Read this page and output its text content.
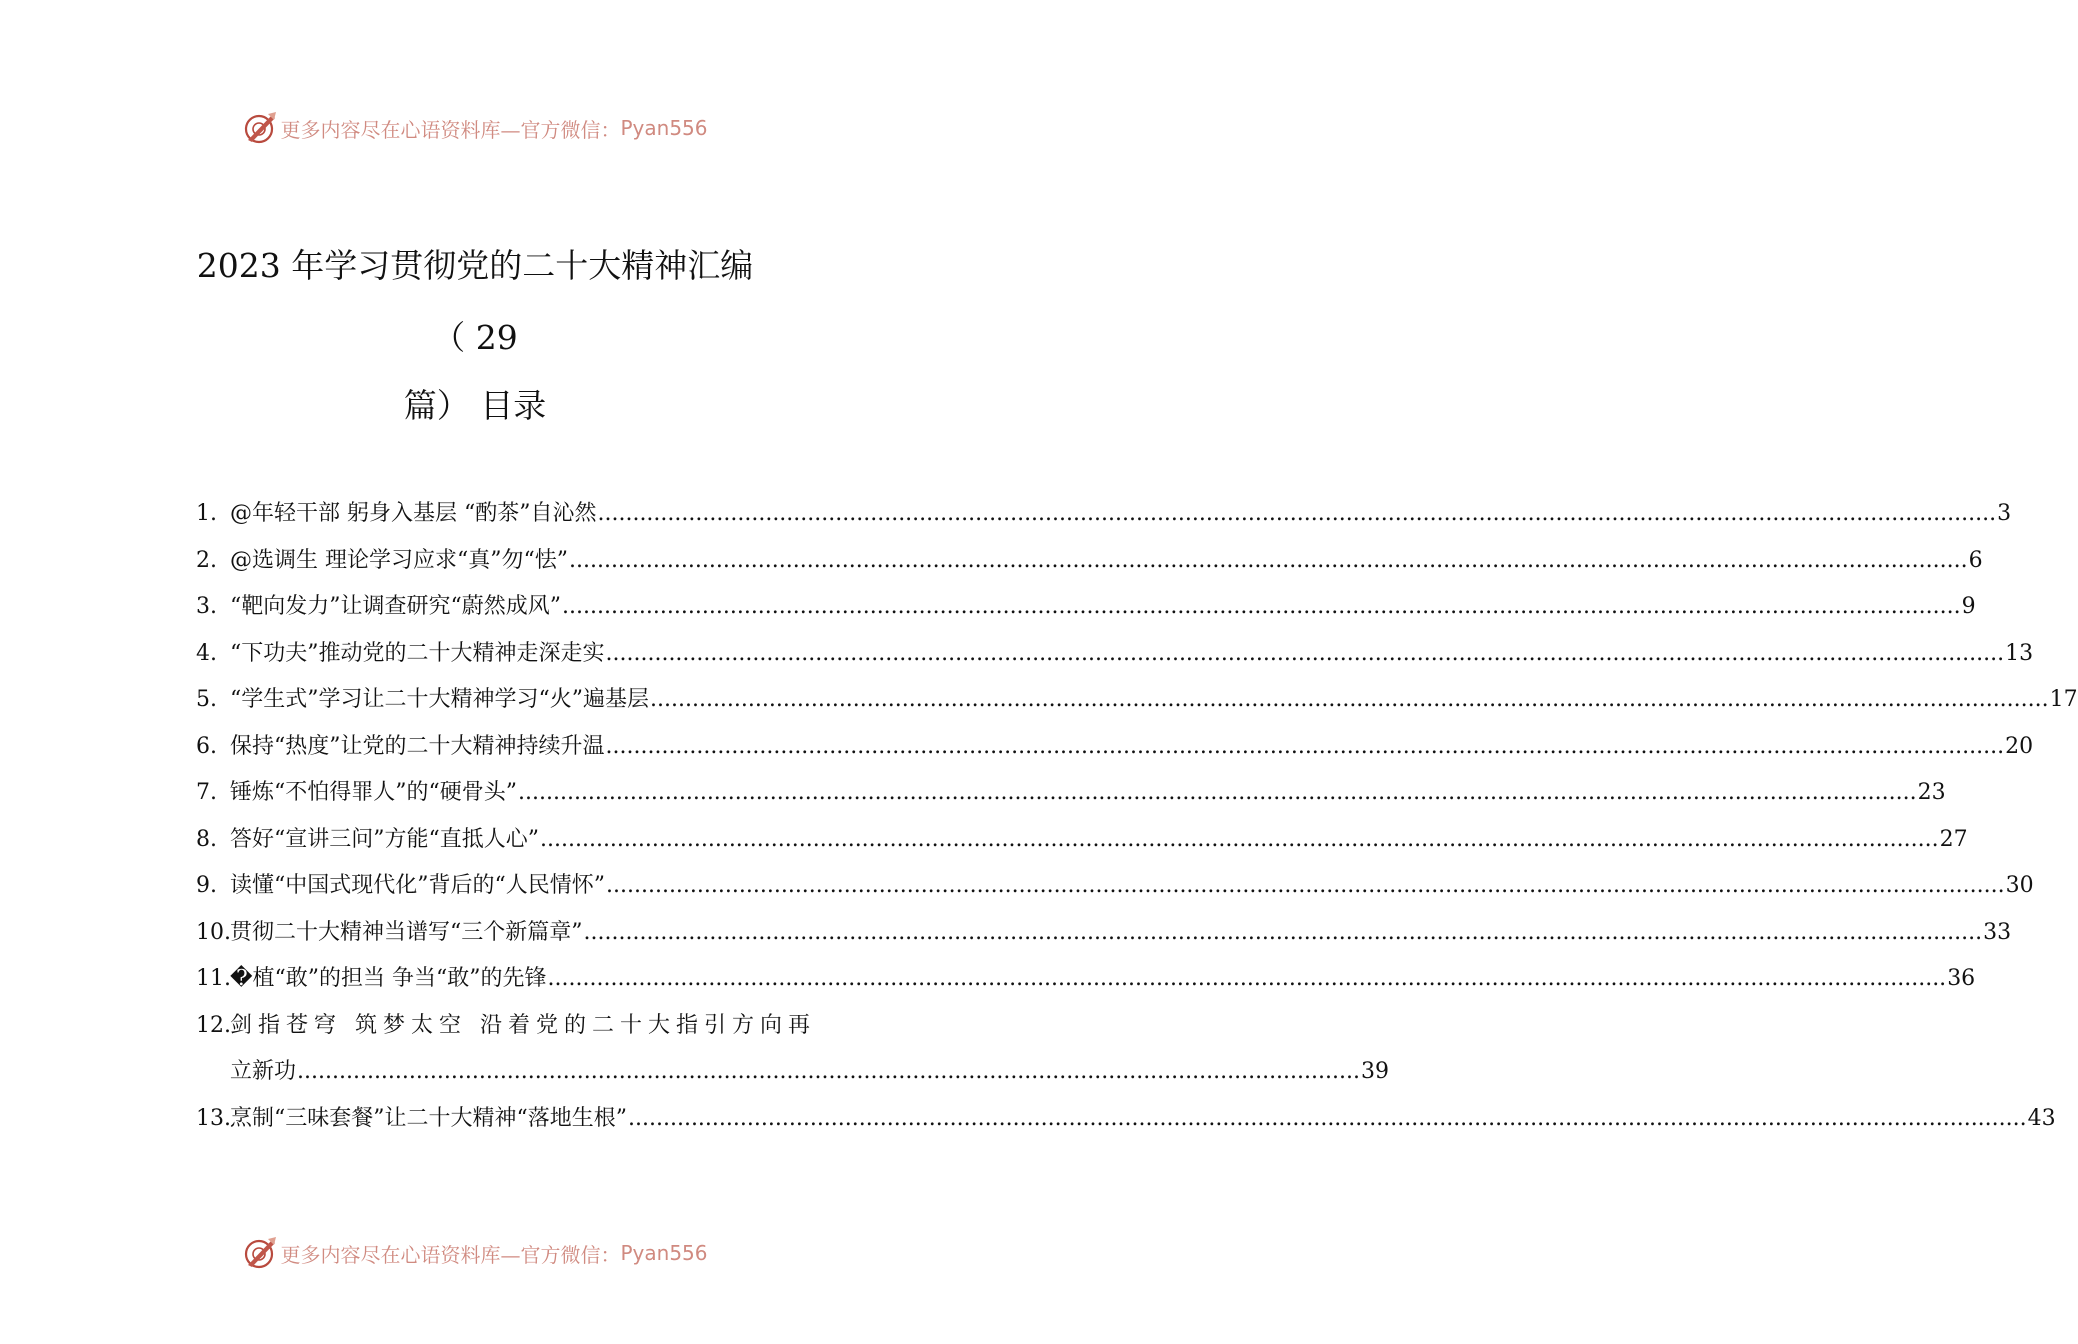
更多内容尽在心语资料库—官方微信： Pyan556
2023 年学习贯彻党的二十大精神汇编
（ 29
篇） 目录
1. @年轻干部 躬身入基层 “酌茶”自沁然 .....	3
2. @选调生 理论学习应求“真”勿“怯” .....	6
3. “靶向发力”让调查研究“蔚然成风” .....	9
4. “下功夫”推动党的二十大精神走深走实 .....	13
5. “学生式”学习让二十大精神学习“火”遍基层 .....	17
6. 保持“热度”让党的二十大精神持续升温 .....	20
7. 锤炼“不怕得罪人”的“硬骨头” .....	23
8. 答好“宣讲三问”方能“直抵人心” .....	27
9. 读懂“中国式现代化”背后的“人民情怀” .....	30
10. 贯彻二十大精神当谱写“三个新篇章” .....	33
11. �植“敢”的担当 争当“敢”的先锋 .....	36
12. 剑指苍穹 筑梦太空 沿着党的二十大指引方向再
立新功 ........................................................................................................................................................ 39
13. 烹制“三味套餐”让二十大精神“落地生根” .....	43
更多内容尽在心语资料库—官方微信： Pyan556
